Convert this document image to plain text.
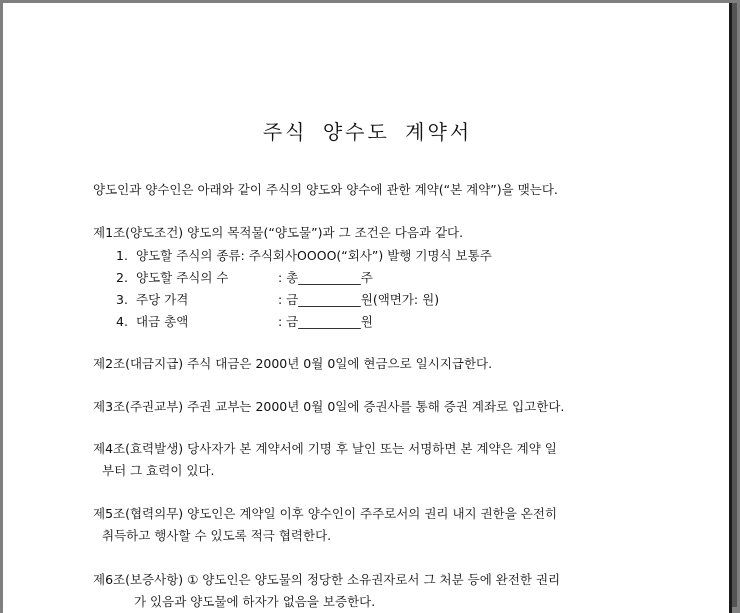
주식 양수도 계약서
양도인과 양수인은 아래와 같이 주식의 양도와 양수에 관한 계약(“본 계약”)을 맺는다.
제1조(양도조건) 양도의 목적물(“양도물”)과 그 조건은 다음과 같다.
1. 양도할 주식의 종류: 주식회사OOOO(“회사”) 발행 기명식 보통주
2. 양도할 주식의 수	: 총__________주
3. 주당 가격	: 금__________원(액면가: 원)
4. 대금 총액	: 금__________원
제2조(대금지급) 주식 대금은 2000년 0월 0일에 현금으로 일시지급한다.
제3조(주권교부) 주권 교부는 2000년 0월 0일에 증권사를 통해 증권 계좌로 입고한다.
제4조(효력발생) 당사자가 본 계약서에 기명 후 날인 또는 서명하면 본 계약은 계약 일
부터 그 효력이 있다.
제5조(협력의무) 양도인은 계약일 이후 양수인이 주주로서의 권리 내지 권한을 온전히
취득하고 행사할 수 있도록 적극 협력한다.
제6조(보증사항) ① 양도인은 양도물의 정당한 소유권자로서 그 처분 등에 완전한 권리
가 있음과 양도물에 하자가 없음을 보증한다.
